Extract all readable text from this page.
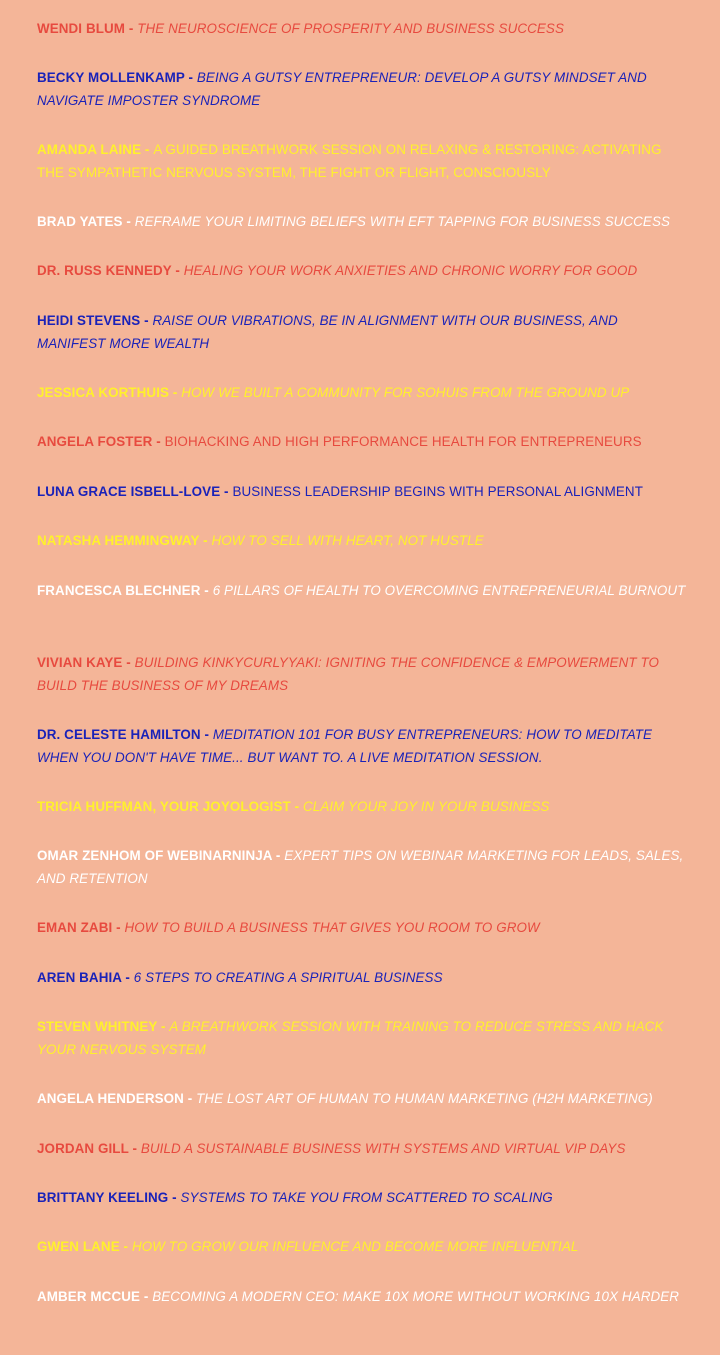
WENDI BLUM - THE NEUROSCIENCE OF PROSPERITY AND BUSINESS SUCCESS

BECKY MOLLENKAMP - BEING A GUTSY ENTREPRENEUR: DEVELOP A GUTSY MINDSET AND NAVIGATE IMPOSTER SYNDROME

AMANDA LAINE - A GUIDED BREATHWORK SESSION ON RELAXING & RESTORING: ACTIVATING THE SYMPATHETIC NERVOUS SYSTEM, THE FIGHT OR FLIGHT, CONSCIOUSLY

BRAD YATES - REFRAME YOUR LIMITING BELIEFS WITH EFT TAPPING FOR BUSINESS SUCCESS

DR. RUSS KENNEDY - HEALING YOUR WORK ANXIETIES AND CHRONIC WORRY FOR GOOD

HEIDI STEVENS - RAISE OUR VIBRATIONS, BE IN ALIGNMENT WITH OUR BUSINESS, AND MANIFEST MORE WEALTH

JESSICA KORTHUIS - HOW WE BUILT A COMMUNITY FOR SOHUIS FROM THE GROUND UP

ANGELA FOSTER - BIOHACKING AND HIGH PERFORMANCE HEALTH FOR ENTREPRENEURS

LUNA GRACE ISBELL-LOVE - BUSINESS LEADERSHIP BEGINS WITH PERSONAL ALIGNMENT

NATASHA HEMMINGWAY - HOW TO SELL WITH HEART, NOT HUSTLE

FRANCESCA BLECHNER - 6 PILLARS OF HEALTH TO OVERCOMING ENTREPRENEURIAL BURNOUT

VIVIAN KAYE - BUILDING KINKYCURLYYAKI: IGNITING THE CONFIDENCE & EMPOWERMENT TO BUILD THE BUSINESS OF MY DREAMS

DR. CELESTE HAMILTON - MEDITATION 101 FOR BUSY ENTREPRENEURS: HOW TO MEDITATE WHEN YOU DON'T HAVE TIME... BUT WANT TO. A LIVE MEDITATION SESSION.

TRICIA HUFFMAN, YOUR JOYOLOGIST - CLAIM YOUR JOY IN YOUR BUSINESS

OMAR ZENHOM OF WEBINARNINJA - EXPERT TIPS ON WEBINAR MARKETING FOR LEADS, SALES, AND RETENTION

EMAN ZABI - HOW TO BUILD A BUSINESS THAT GIVES YOU ROOM TO GROW

AREN BAHIA - 6 STEPS TO CREATING A SPIRITUAL BUSINESS

STEVEN WHITNEY - A BREATHWORK SESSION WITH TRAINING TO REDUCE STRESS AND HACK YOUR NERVOUS SYSTEM

ANGELA HENDERSON - THE LOST ART OF HUMAN TO HUMAN MARKETING (H2H MARKETING)

JORDAN GILL - BUILD A SUSTAINABLE BUSINESS WITH SYSTEMS AND VIRTUAL VIP DAYS

BRITTANY KEELING - SYSTEMS TO TAKE YOU FROM SCATTERED TO SCALING

GWEN LANE - HOW TO GROW OUR INFLUENCE AND BECOME MORE INFLUENTIAL

AMBER MCCUE - BECOMING A MODERN CEO: MAKE 10X MORE WITHOUT WORKING 10X HARDER
